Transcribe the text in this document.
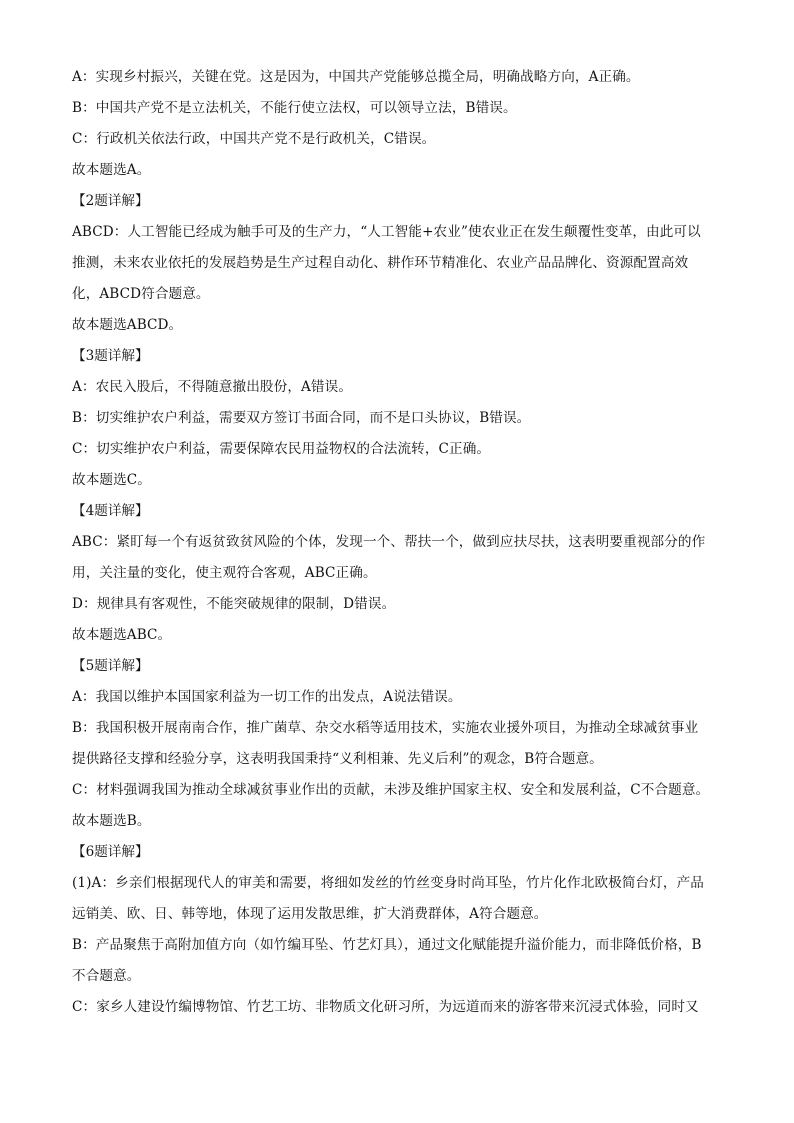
A：实现乡村振兴，关键在党。这是因为，中国共产党能够总揽全局，明确战略方向，A正确。
B：中国共产党不是立法机关，不能行使立法权，可以领导立法，B错误。
C：行政机关依法行政，中国共产党不是行政机关，C错误。
故本题选A。
【2题详解】
ABCD：人工智能已经成为触手可及的生产力，“人工智能+农业”使农业正在发生颠覆性变革，由此可以
推测，未来农业依托的发展趋势是生产过程自动化、耕作环节精准化、农业产品品牌化、资源配置高效
化，ABCD符合题意。
故本题选ABCD。
【3题详解】
A：农民入股后，不得随意撤出股份，A错误。
B：切实维护农户利益，需要双方签订书面合同，而不是口头协议，B错误。
C：切实维护农户利益，需要保障农民用益物权的合法流转，C正确。
故本题选C。
【4题详解】
ABC：紧盯每一个有返贫致贫风险的个体，发现一个、帮扶一个，做到应扶尽扶，这表明要重视部分的作
用，关注量的变化，使主观符合客观，ABC正确。
D：规律具有客观性，不能突破规律的限制，D错误。
故本题选ABC。
【5题详解】
A：我国以维护本国国家利益为一切工作的出发点，A说法错误。
B：我国积极开展南南合作，推广菌草、杂交水稻等适用技术，实施农业援外项目，为推动全球减贫事业
提供路径支撑和经验分享，这表明我国秉持“义利相兼、先义后利”的观念，B符合题意。
C：材料强调我国为推动全球减贫事业作出的贡献，未涉及维护国家主权、安全和发展利益，C不合题意。
故本题选B。
【6题详解】
(1)A：乡亲们根据现代人的审美和需要，将细如发丝的竹丝变身时尚耳坠，竹片化作北欧极简台灯，产品
远销美、欧、日、韩等地，体现了运用发散思维，扩大消费群体，A符合题意。
B：产品聚焦于高附加值方向（如竹编耳坠、竹艺灯具），通过文化赋能提升溢价能力，而非降低价格，B
不合题意。
C：家乡人建设竹编博物馆、竹艺工坊、非物质文化研习所，为远道而来的游客带来沉浸式体验，同时又
